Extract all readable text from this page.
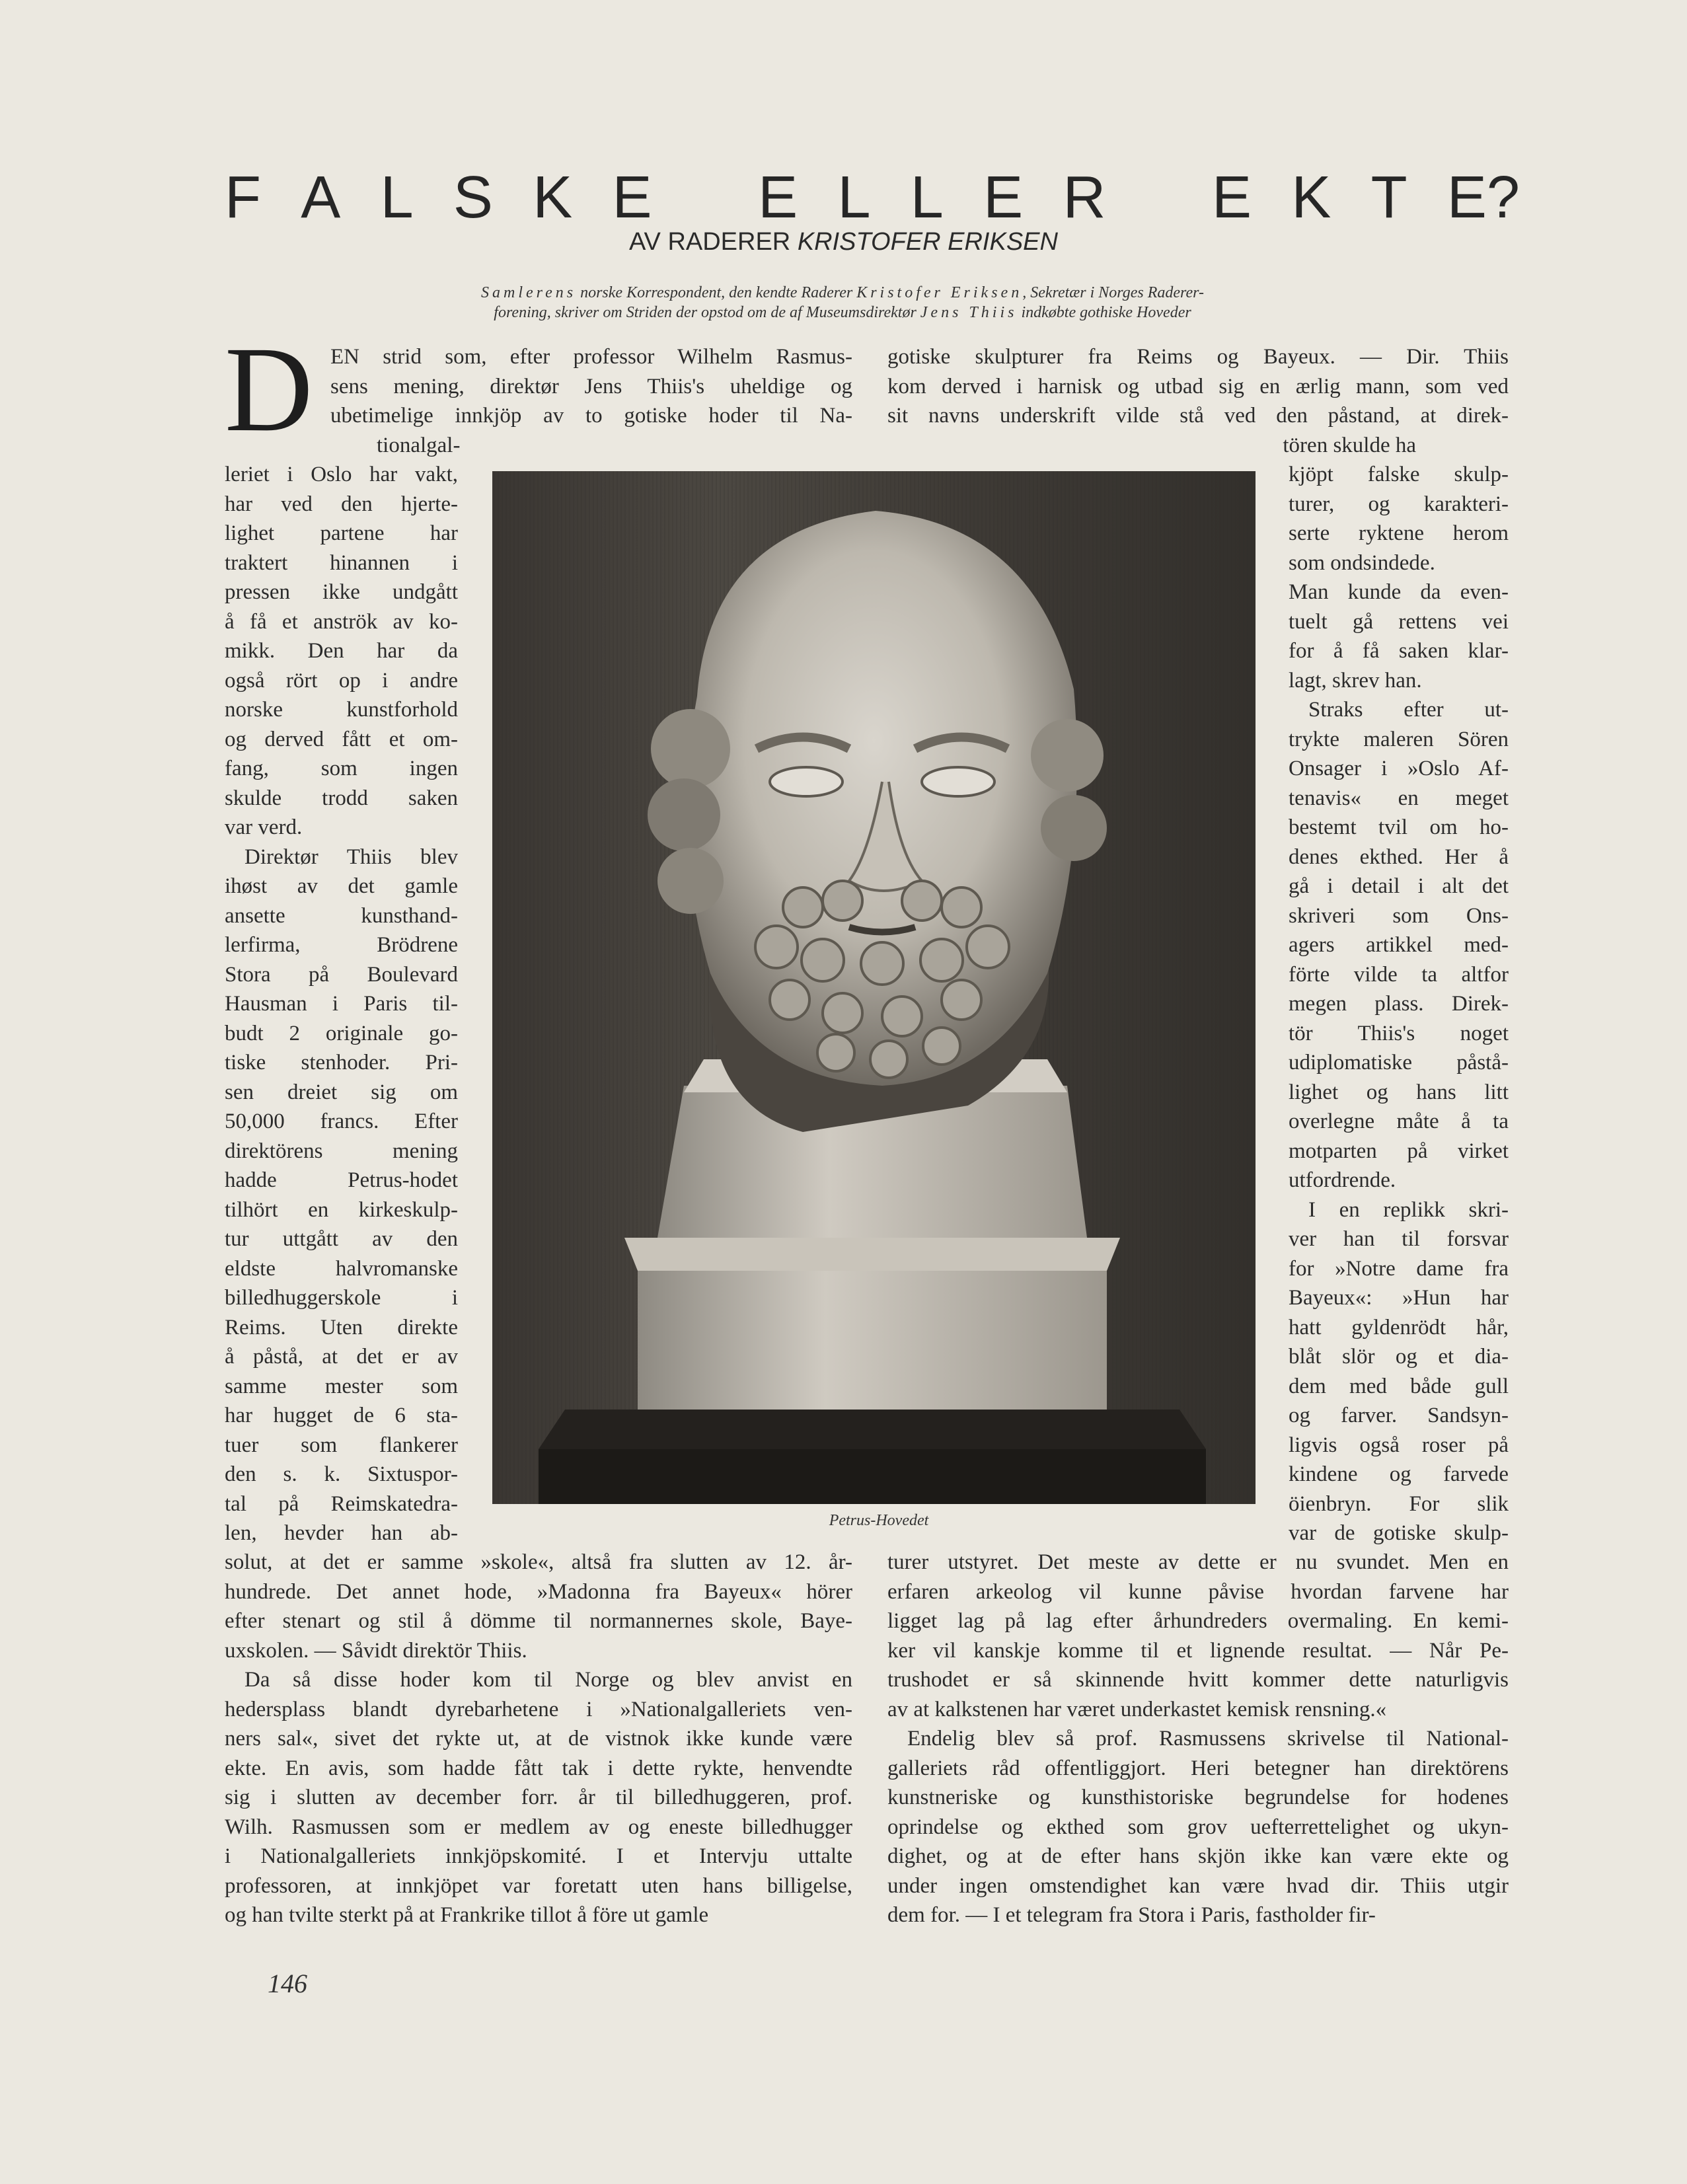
F A L S K E E L L E R E K T E?
AV RADERER KRISTOFER ERIKSEN
Samlerens norske Korrespondent, den kendte Raderer Kristofer Eriksen, Sekretær i Norges Raderer-
forening, skriver om Striden der opstod om de af Museumsdirektør Jens Thiis indkøbte gothiske Hoveder
D EN strid som, efter professor Wilhelm Rasmus-
sens mening, direktør Jens Thiis's uheldige og
ubetimelige innkjöp av to gotiske hoder til Na-
tionalgal-
leriet i Oslo har vakt,
har ved den hjerte-
lighet partene har
traktert hinannen i
pressen ikke undgått
å få et anströk av ko-
mikk. Den har da
også rört op i andre
norske kunstforhold
og derved fått et om-
fang, som ingen
skulde trodd saken
var verd.
Direktør Thiis blev
ihøst av det gamle
ansette kunsthand-
lerfirma, Brödrene
Stora på Boulevard
Hausman i Paris til-
budt 2 originale go-
tiske stenhoder. Pri-
sen dreiet sig om
50,000 francs. Efter
direktörens mening
hadde Petrus-hodet
tilhört en kirkeskulp-
tur uttgått av den
eldste halvromanske
billedhuggerskole i
Reims. Uten direkte
å påstå, at det er av
samme mester som
har hugget de 6 sta-
tuer som flankerer
den s. k. Sixtuspor-
tal på Reimskatedra-
len, hevder han ab-
solut, at det er samme »skole«, altså fra slutten av 12. år-
hundrede. Det annet hode, »Madonna fra Bayeux« hörer
efter stenart og stil å dömme til normannernes skole, Baye-
uxskolen. — Såvidt direktör Thiis.
Da så disse hoder kom til Norge og blev anvist en
hedersplass blandt dyrebarhetene i »Nationalgalleriets ven-
ners sal«, sivet det rykte ut, at de vistnok ikke kunde være
ekte. En avis, som hadde fått tak i dette rykte, henvendte
sig i slutten av december forr. år til billedhuggeren, prof.
Wilh. Rasmussen som er medlem av og eneste billedhugger
i Nationalgalleriets innkjöpskomité. I et Intervju uttalte
professoren, at innkjöpet var foretatt uten hans billigelse,
og han tvilte sterkt på at Frankrike tillot å före ut gamle
gotiske skulpturer fra Reims og Bayeux. — Dir. Thiis
kom derved i harnisk og utbad sig en ærlig mann, som ved
sit navns underskrift vilde stå ved den påstand, at direk-
tören skulde ha
kjöpt falske skulp-
turer, og karakteri-
serte ryktene herom
som ondsindede.
Man kunde da even-
tuelt gå rettens vei
for å få saken klar-
lagt, skrev han.
Straks efter ut-
trykte maleren Sören
Onsager i »Oslo Af-
tenavis« en meget
bestemt tvil om ho-
denes ekthed. Her å
gå i detail i alt det
skriveri som Ons-
agers artikkel med-
förte vilde ta altfor
megen plass. Direk-
tör Thiis's noget
udiplomatiske påstå-
lighet og hans litt
overlegne måte å ta
motparten på virket
utfordrende.
I en replikk skri-
ver han til forsvar
for »Notre dame fra
Bayeux«: »Hun har
hatt gyldenrödt hår,
blåt slör og et dia-
dem med både gull
og farver. Sandsyn-
ligvis også roser på
kindene og farvede
öienbryn. For slik
var de gotiske skulp-
turer utstyret. Det meste av dette er nu svundet. Men en
erfaren arkeolog vil kunne påvise hvordan farvene har
ligget lag på lag efter århundreders overmaling. En kemi-
ker vil kanskje komme til et lignende resultat. — Når Pe-
trushodet er så skinnende hvitt kommer dette naturligvis
av at kalkstenen har været underkastet kemisk rensning.«
Endelig blev så prof. Rasmussens skrivelse til National-
galleriets råd offentliggjort. Heri betegner han direktörens
kunstneriske og kunsthistoriske begrundelse for hodenes
oprindelse og ekthed som grov uefterrettelighet og ukyn-
dighet, og at de efter hans skjön ikke kan være ekte og
under ingen omstendighet kan være hvad dir. Thiis utgir
dem for. — I et telegram fra Stora i Paris, fastholder fir-
Petrus-Hovedet
146
